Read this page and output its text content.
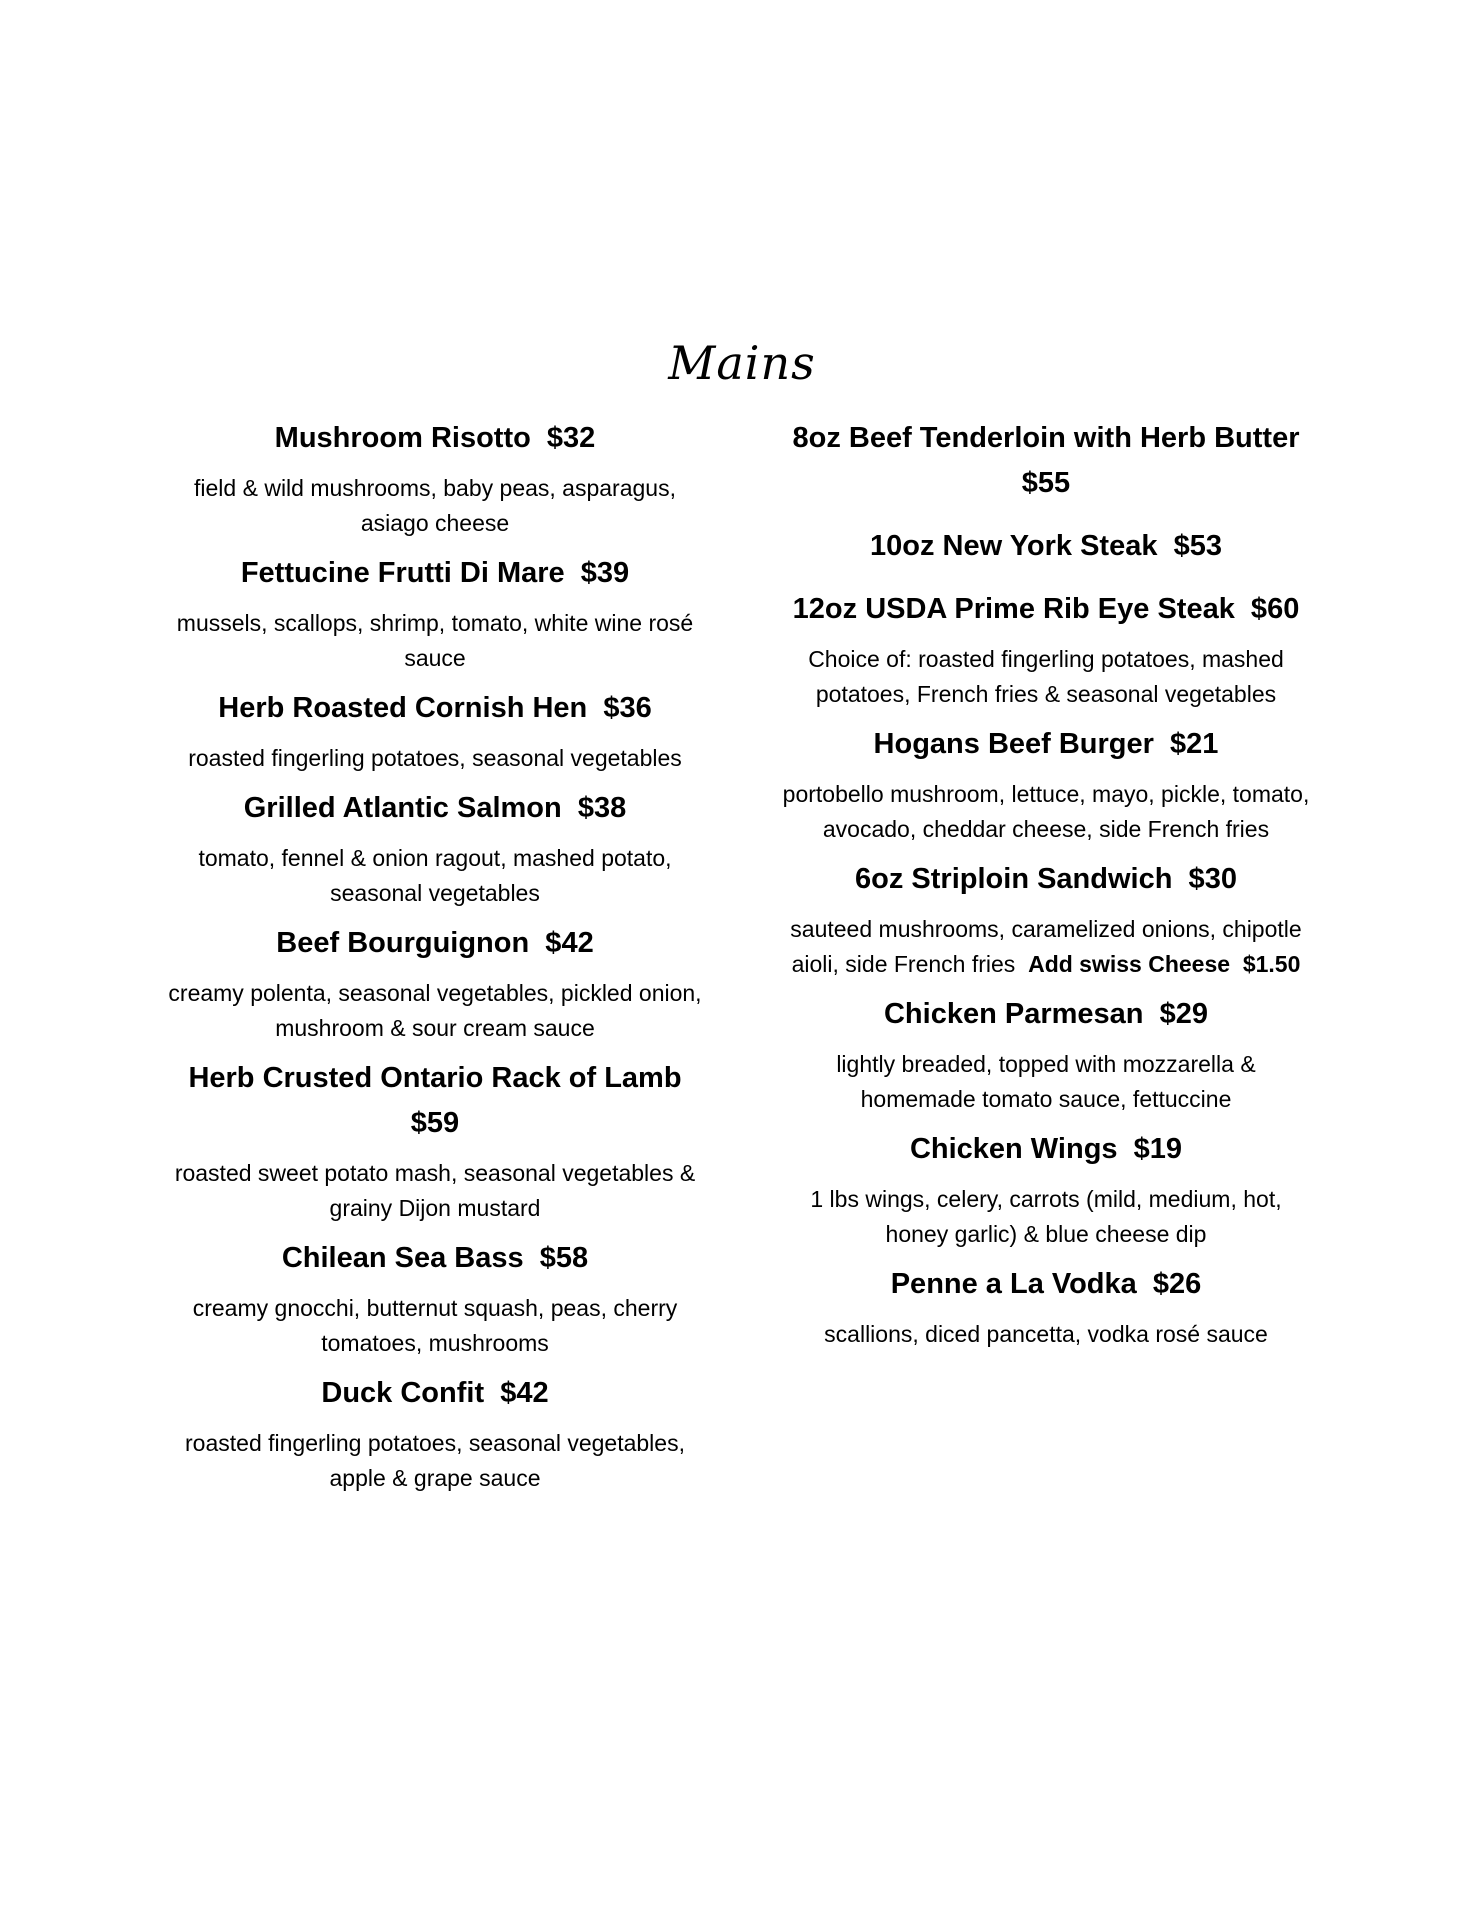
Mains

Mushroom Risotto  $32

field & wild mushrooms, baby peas, asparagus, asiago cheese

Fettucine Frutti Di Mare  $39

mussels, scallops, shrimp, tomato, white wine rosé sauce

Herb Roasted Cornish Hen  $36

roasted fingerling potatoes, seasonal vegetables

Grilled Atlantic Salmon  $38

tomato, fennel & onion ragout, mashed potato, seasonal vegetables

Beef Bourguignon  $42

creamy polenta, seasonal vegetables, pickled onion, mushroom & sour cream sauce

Herb Crusted Ontario Rack of Lamb $59

roasted sweet potato mash, seasonal vegetables & grainy Dijon mustard

Chilean Sea Bass  $58

creamy gnocchi, butternut squash, peas, cherry tomatoes, mushrooms

Duck Confit  $42

roasted fingerling potatoes, seasonal vegetables, apple & grape sauce

8oz Beef Tenderloin with Herb Butter  $55

10oz New York Steak  $53

12oz USDA Prime Rib Eye Steak  $60

Choice of: roasted fingerling potatoes, mashed potatoes, French fries & seasonal vegetables

Hogans Beef Burger  $21

portobello mushroom, lettuce, mayo, pickle, tomato, avocado, cheddar cheese, side French fries

6oz Striploin Sandwich  $30

sauteed mushrooms, caramelized onions, chipotle aioli, side French fries Add swiss Cheese  $1.50

Chicken Parmesan  $29

lightly breaded, topped with mozzarella & homemade tomato sauce, fettuccine

Chicken Wings  $19

1 lbs wings, celery, carrots (mild, medium, hot, honey garlic) & blue cheese dip

Penne a La Vodka  $26

scallions, diced pancetta, vodka rosé sauce
